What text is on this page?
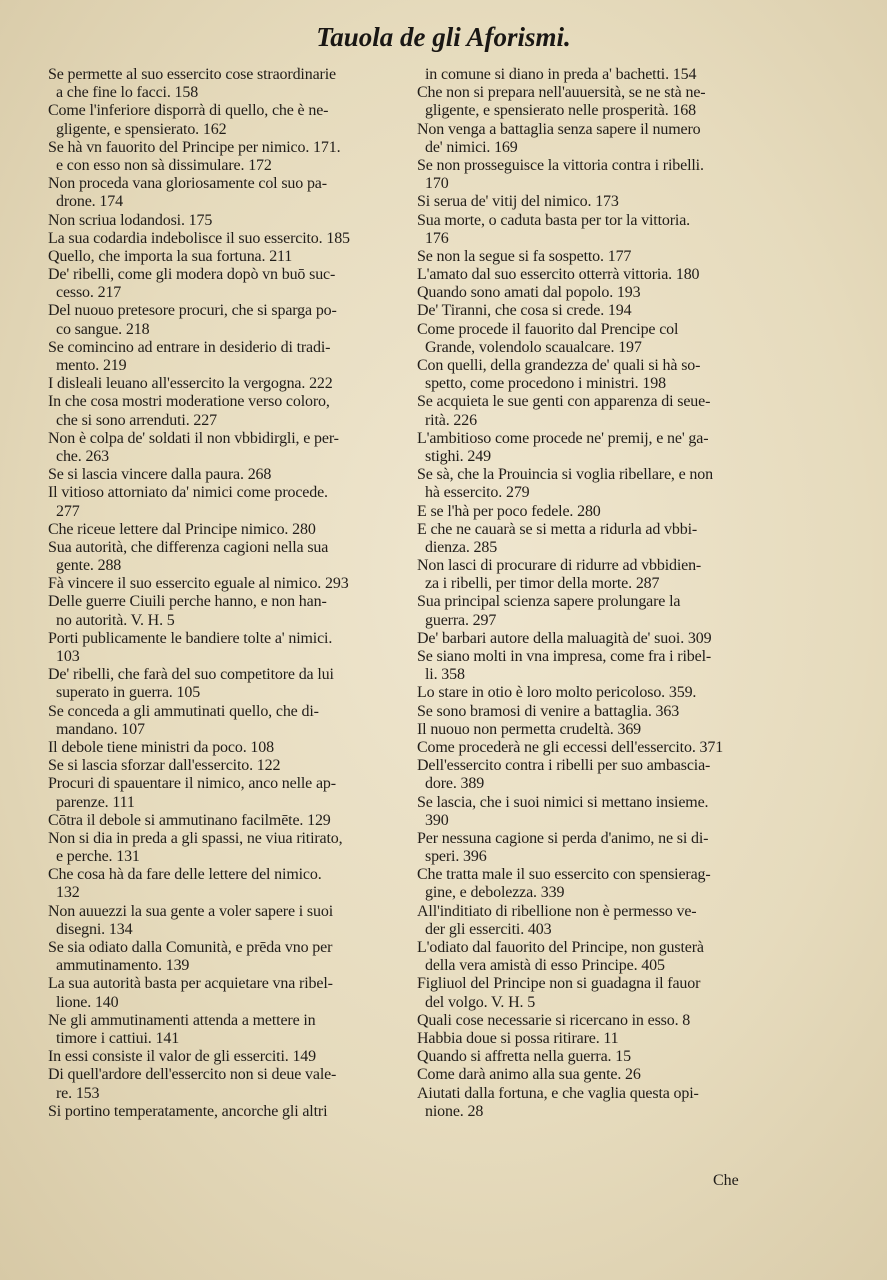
Tauola de gli Aforismi.
Se permette al suo essercito cose straordinarie
a che fine lo facci. 158
Come l'inferiore disporrà di quello, che è ne-
gligente, e spensierato. 162
Se hà vn fauorito del Principe per nimico. 171.
e con esso non sà dissimulare. 172
Non proceda vana gloriosamente col suo pa-
drone. 174
Non scriua lodandosi. 175
La sua codardia indebolisce il suo essercito. 185
Quello, che importa la sua fortuna. 211
De' ribelli, come gli modera dopò vn buō suc-
cesso. 217
Del nuouo pretesore procuri, che si sparga po-
co sangue. 218
Se comincino ad entrare in desiderio di tradi-
mento. 219
I disleali leuano all'essercito la vergogna. 222
In che cosa mostri moderatione verso coloro,
che si sono arrenduti. 227
Non è colpa de' soldati il non vbbidirgli, e per-
che. 263
Se si lascia vincere dalla paura. 268
Il vitioso attorniato da' nimici come procede.
277
Che riceue lettere dal Principe nimico. 280
Sua autorità, che differenza cagioni nella sua
gente. 288
Fà vincere il suo essercito eguale al nimico. 293
Delle guerre Ciuili perche hanno, e non han-
no autorità. V. H. 5
Porti publicamente le bandiere tolte a' nimici.
103
De' ribelli, che farà del suo competitore da lui
superato in guerra. 105
Se conceda a gli ammutinati quello, che di-
mandano. 107
Il debole tiene ministri da poco. 108
Se si lascia sforzar dall'essercito. 122
Procuri di spauentare il nimico, anco nelle ap-
parenze. 111
Cōtra il debole si ammutinano facilmēte. 129
Non si dia in preda a gli spassi, ne viua ritirato,
e perche. 131
Che cosa hà da fare delle lettere del nimico.
132
Non auuezzi la sua gente a voler sapere i suoi
disegni. 134
Se sia odiato dalla Comunità, e prēda vno per
ammutinamento. 139
La sua autorità basta per acquietare vna ribel-
lione. 140
Ne gli ammutinamenti attenda a mettere in
timore i cattiui. 141
In essi consiste il valor de gli esserciti. 149
Di quell'ardore dell'essercito non si deue vale-
re. 153
Si portino temperatamente, ancorche gli altri
in comune si diano in preda a' bachetti. 154
Che non si prepara nell'auuersità, se ne stà ne-
gligente, e spensierato nelle prosperità. 168
Non venga a battaglia senza sapere il numero
de' nimici. 169
Se non prosseguisce la vittoria contra i ribelli.
170
Si serua de' vitij del nimico. 173
Sua morte, o caduta basta per tor la vittoria.
176
Se non la segue si fa sospetto. 177
L'amato dal suo essercito otterrà vittoria. 180
Quando sono amati dal popolo. 193
De' Tiranni, che cosa si crede. 194
Come procede il fauorito dal Prencipe col
Grande, volendolo scaualcare. 197
Con quelli, della grandezza de' quali si hà so-
spetto, come procedono i ministri. 198
Se acquieta le sue genti con apparenza di seue-
rità. 226
L'ambitioso come procede ne' premij, e ne' ga-
stighi. 249
Se sà, che la Prouincia si voglia ribellare, e non
hà essercito. 279
E se l'hà per poco fedele. 280
E che ne cauarà se si metta a ridurla ad vbbi-
dienza. 285
Non lasci di procurare di ridurre ad vbbidien-
za i ribelli, per timor della morte. 287
Sua principal scienza sapere prolungare la
guerra. 297
De' barbari autore della maluagità de' suoi. 309
Se siano molti in vna impresa, come fra i ribel-
li. 358
Lo stare in otio è loro molto pericoloso. 359.
Se sono bramosi di venire a battaglia. 363
Il nuouo non permetta crudeltà. 369
Come procederà ne gli eccessi dell'essercito. 371
Dell'essercito contra i ribelli per suo ambascia-
dore. 389
Se lascia, che i suoi nimici si mettano insieme.
390
Per nessuna cagione si perda d'animo, ne si di-
speri. 396
Che tratta male il suo essercito con spensierag-
gine, e debolezza. 339
All'inditiato di ribellione non è permesso ve-
der gli esserciti. 403
L'odiato dal fauorito del Principe, non gusterà
della vera amistà di esso Principe. 405
Figliuol del Principe non si guadagna il fauor
del volgo. V. H. 5
Quali cose necessarie si ricercano in esso. 8
Habbia doue si possa ritirare. 11
Quando si affretta nella guerra. 15
Come darà animo alla sua gente. 26
Aiutati dalla fortuna, e che vaglia questa opi-
nione. 28
Che
